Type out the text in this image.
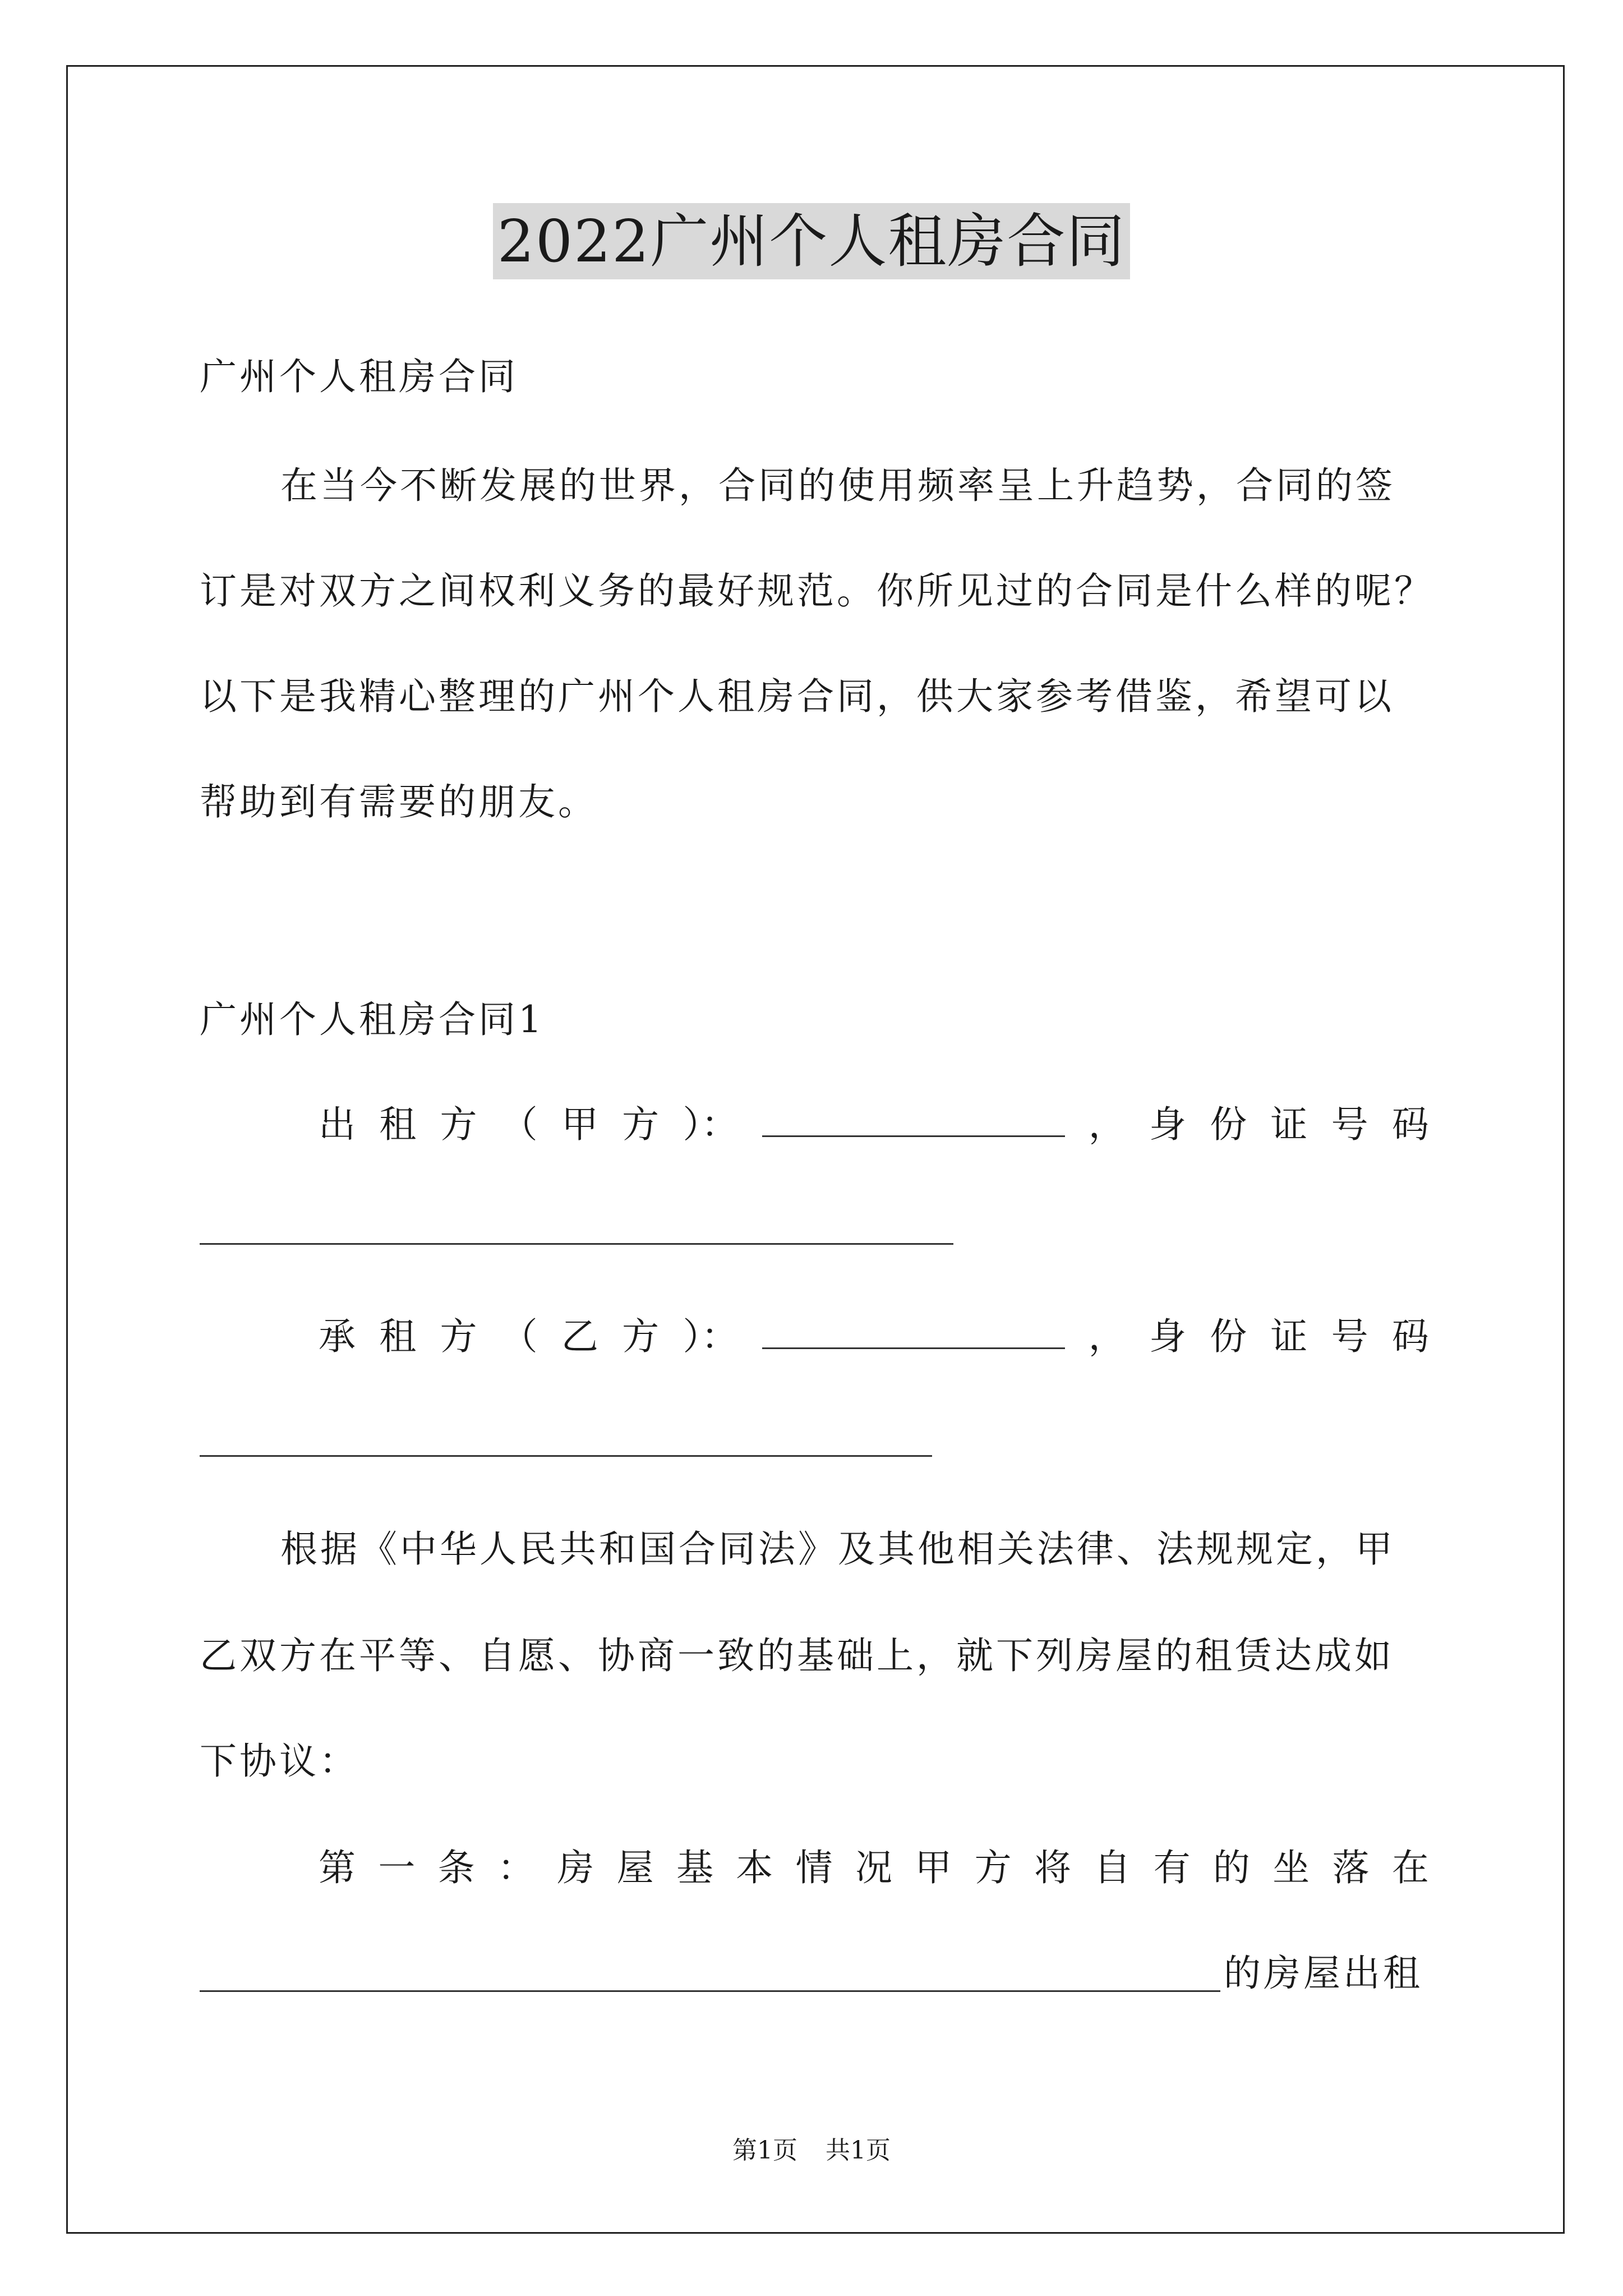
2022广州个人租房合同
广州个人租房合同
在当今不断发展的世界，合同的使用频率呈上升趋势，合同的签
订是对双方之间权利义务的最好规范。你所见过的合同是什么样的呢？
以下是我精心整理的广州个人租房合同，供大家参考借鉴，希望可以
帮助到有需要的朋友。
广州个人租房合同1
出 租 方 （ 甲 方 ）：	， 身 份 证 号 码
承 租 方 （ 乙 方 ）：	， 身 份 证 号 码
根据《中华人民共和国合同法》及其他相关法律、法规规定，甲
乙双方在平等、自愿、协商一致的基础上，就下列房屋的租赁达成如
下协议：
第 一 条 ： 房 屋 基 本 情 况 甲 方 将 自 有 的 坐 落 在
的房屋出租
第1页 共1页
